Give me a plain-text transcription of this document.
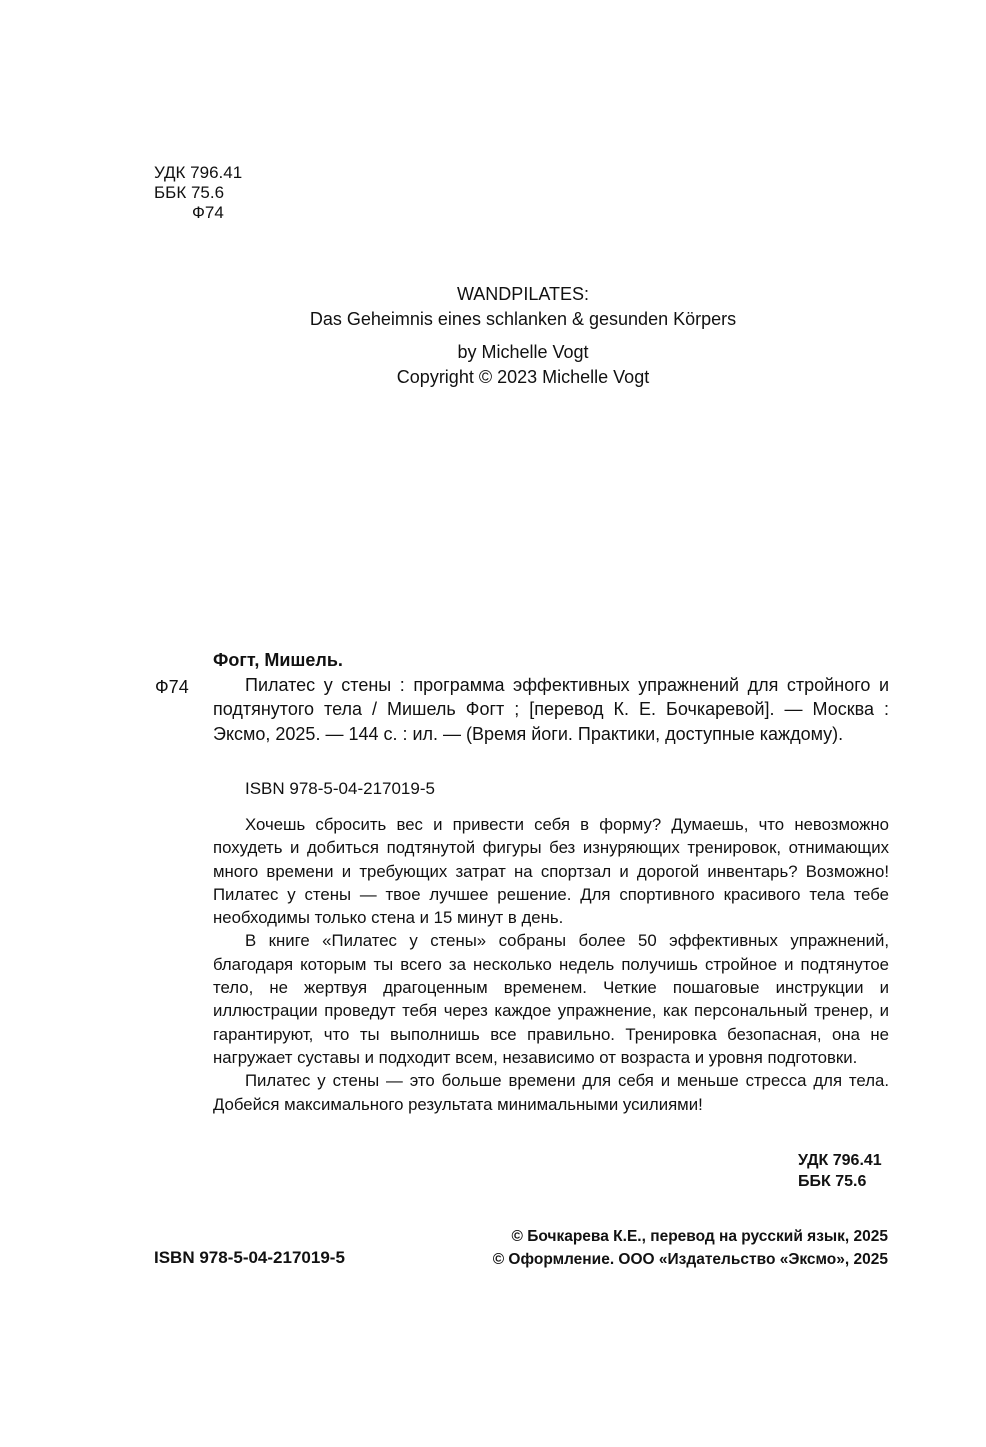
УДК 796.41
ББК 75.6
Ф74
WANDPILATES:
Das Geheimnis eines schlanken & gesunden Körpers
by Michelle Vogt
Copyright © 2023 Michelle Vogt
Фогт, Мишель.
Ф74	Пилатес у стены : программа эффективных упражнений для стройного и подтянутого тела / Мишель Фогт ; [перевод К. Е. Бочкаревой]. — Москва : Эксмо, 2025. — 144 с. : ил. — (Время йоги. Практики, доступные каждому).

ISBN 978-5-04-217019-5

Хочешь сбросить вес и привести себя в форму? Думаешь, что невозможно похудеть и добиться подтянутой фигуры без изнуряющих тренировок, отнимающих много времени и требующих затрат на спортзал и дорогой инвентарь? Возможно! Пилатес у стены — твое лучшее решение. Для спортивного красивого тела тебе необходимы только стена и 15 минут в день.

В книге «Пилатес у стены» собраны более 50 эффективных упражнений, благодаря которым ты всего за несколько недель получишь стройное и подтянутое тело, не жертвуя драгоценным временем. Четкие пошаговые инструкции и иллюстрации проведут тебя через каждое упражнение, как персональный тренер, и гарантируют, что ты выполнишь все правильно. Тренировка безопасная, она не нагружает суставы и подходит всем, независимо от возраста и уровня подготовки.

Пилатес у стены — это больше времени для себя и меньше стресса для тела. Добейся максимального результата минимальными усилиями!

УДК 796.41
ББК 75.6
ISBN 978-5-04-217019-5
© Бочкарева К.Е., перевод на русский язык, 2025
© Оформление. ООО «Издательство «Эксмо», 2025
